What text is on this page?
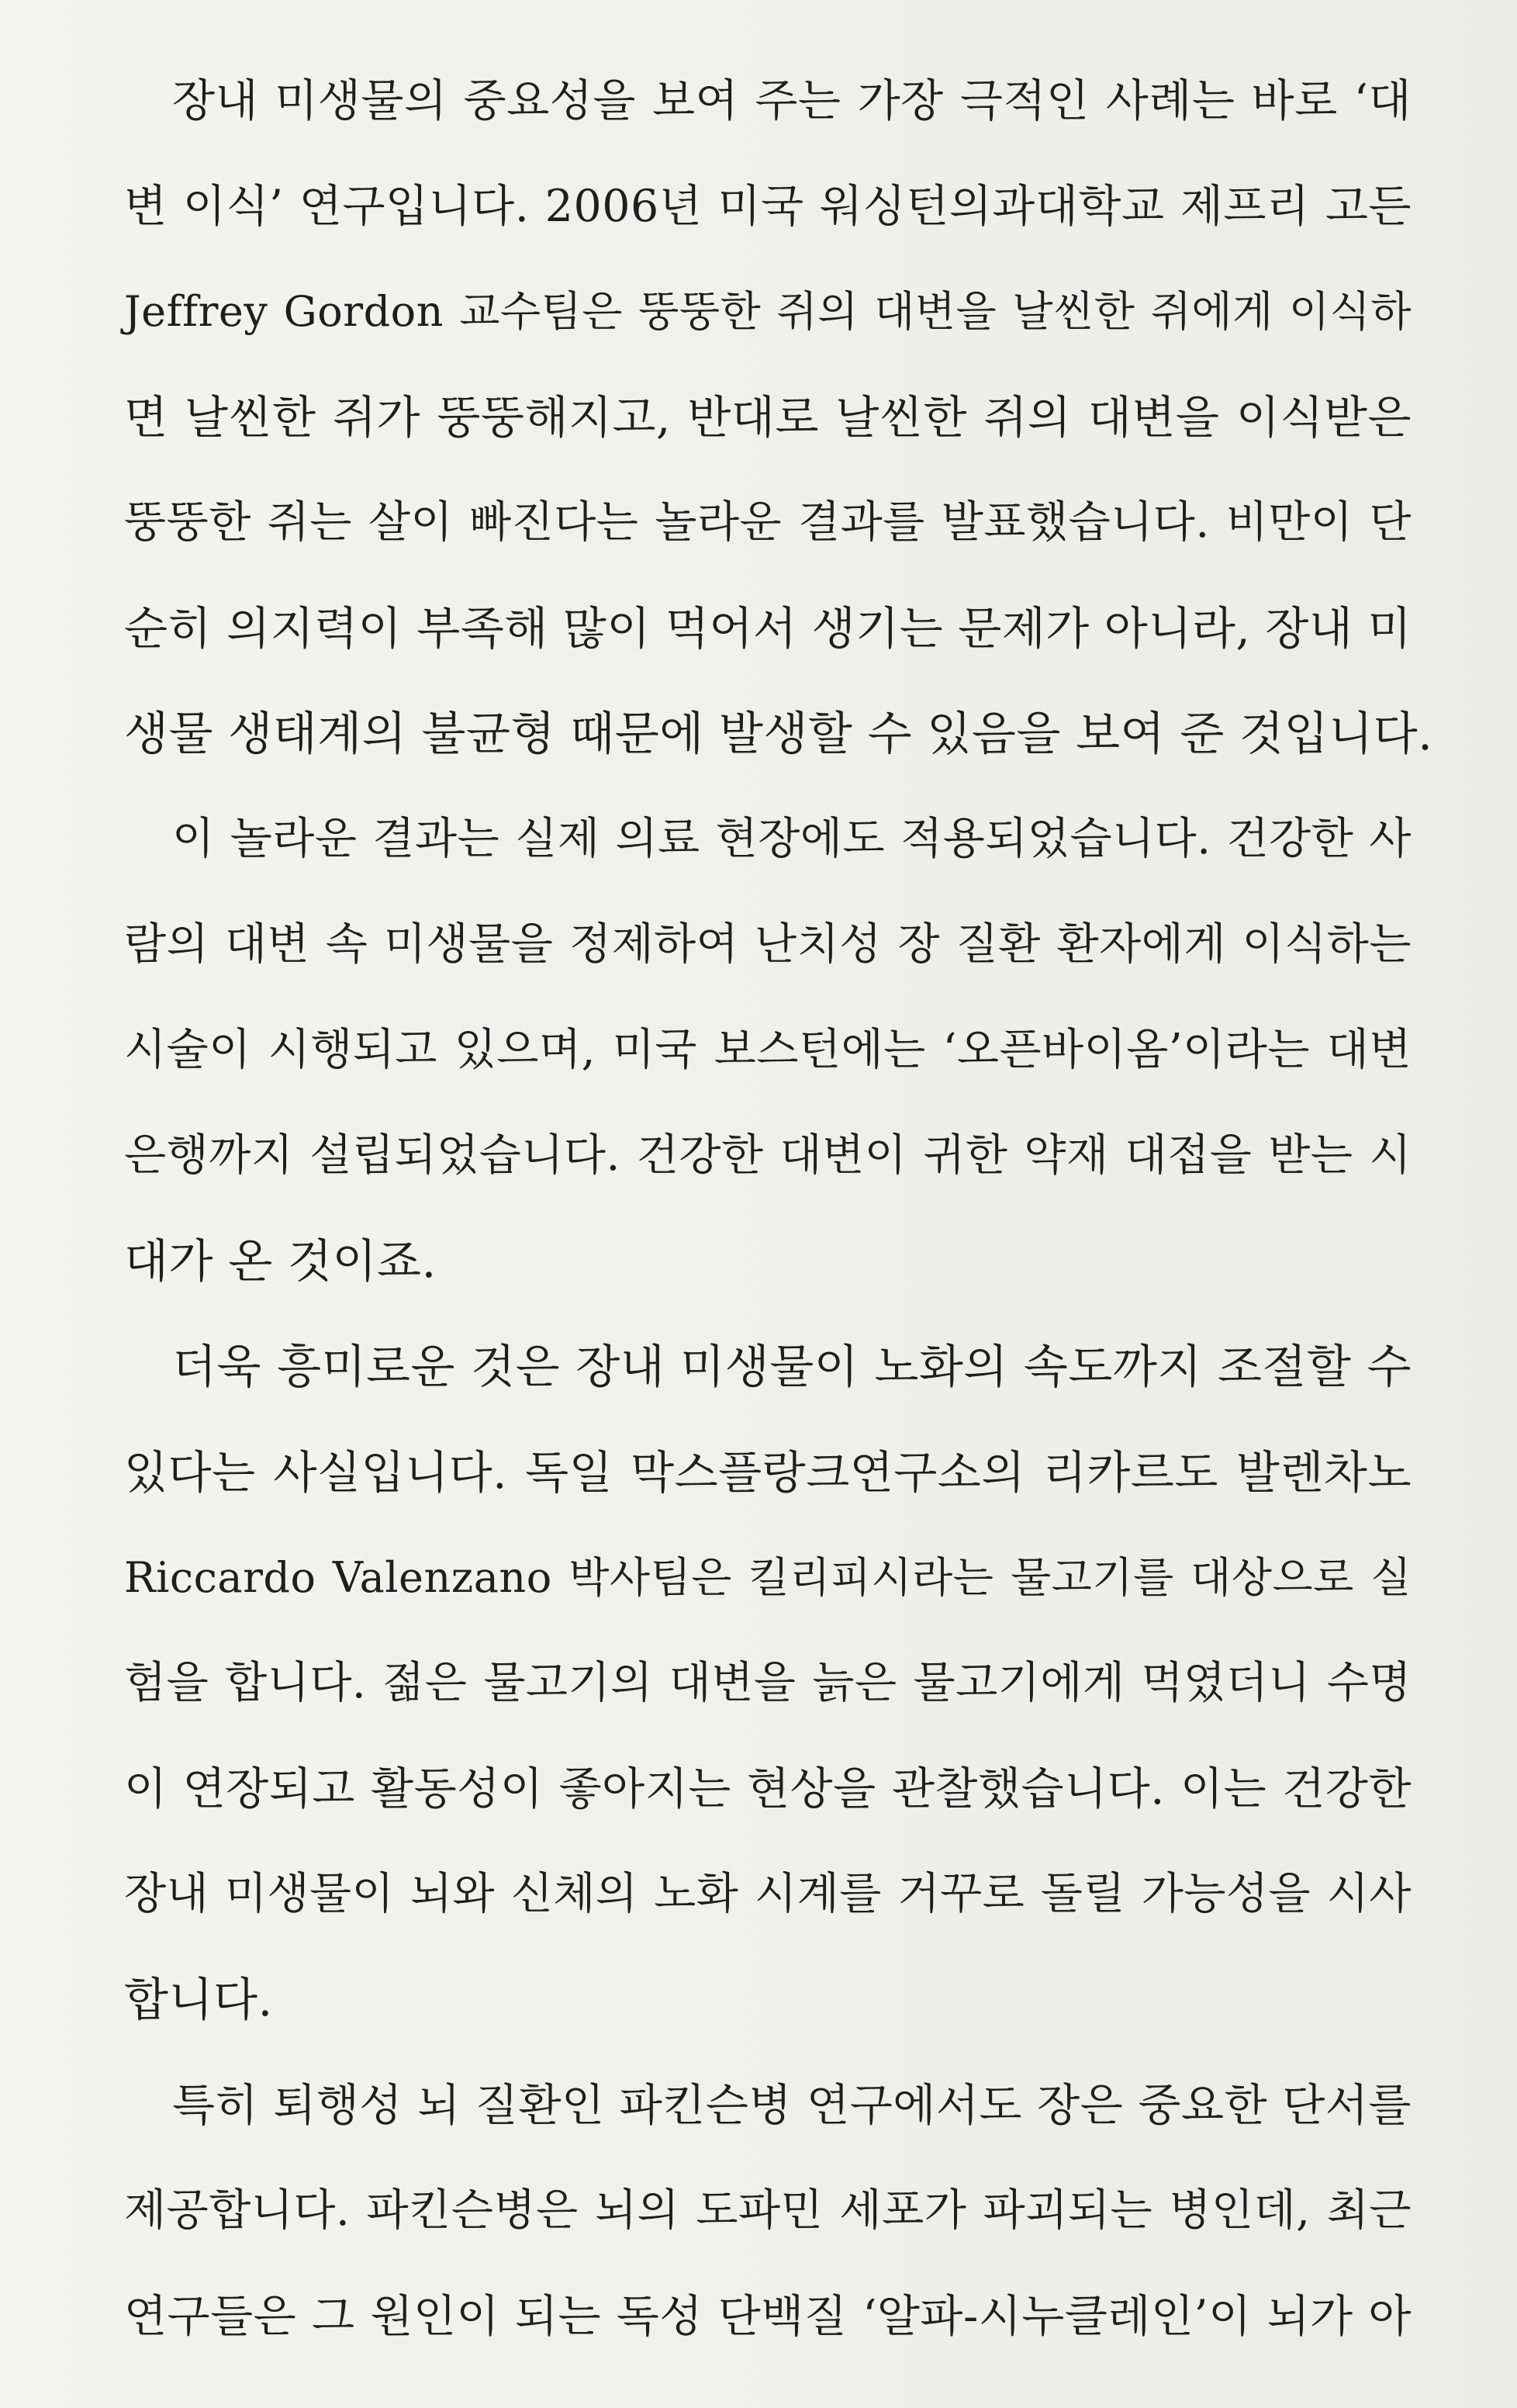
장내 미생물의 중요성을 보여 주는 가장 극적인 사례는 바로 ‘대
변 이식’ 연구입니다. 2006년 미국 워싱턴의과대학교 제프리 고든
Jeffrey Gordon 교수팀은 뚱뚱한 쥐의 대변을 날씬한 쥐에게 이식하
면 날씬한 쥐가 뚱뚱해지고, 반대로 날씬한 쥐의 대변을 이식받은
뚱뚱한 쥐는 살이 빠진다는 놀라운 결과를 발표했습니다. 비만이 단
순히 의지력이 부족해 많이 먹어서 생기는 문제가 아니라, 장내 미
생물 생태계의 불균형 때문에 발생할 수 있음을 보여 준 것입니다.
이 놀라운 결과는 실제 의료 현장에도 적용되었습니다. 건강한 사
람의 대변 속 미생물을 정제하여 난치성 장 질환 환자에게 이식하는
시술이 시행되고 있으며, 미국 보스턴에는 ‘오픈바이옴’이라는 대변
은행까지 설립되었습니다. 건강한 대변이 귀한 약재 대접을 받는 시
대가 온 것이죠.
더욱 흥미로운 것은 장내 미생물이 노화의 속도까지 조절할 수
있다는 사실입니다. 독일 막스플랑크연구소의 리카르도 발렌차노
Riccardo Valenzano 박사팀은 킬리피시라는 물고기를 대상으로 실
험을 합니다. 젊은 물고기의 대변을 늙은 물고기에게 먹였더니 수명
이 연장되고 활동성이 좋아지는 현상을 관찰했습니다. 이는 건강한
장내 미생물이 뇌와 신체의 노화 시계를 거꾸로 돌릴 가능성을 시사
합니다.
특히 퇴행성 뇌 질환인 파킨슨병 연구에서도 장은 중요한 단서를
제공합니다. 파킨슨병은 뇌의 도파민 세포가 파괴되는 병인데, 최근
연구들은 그 원인이 되는 독성 단백질 ‘알파-시누클레인’이 뇌가 아
